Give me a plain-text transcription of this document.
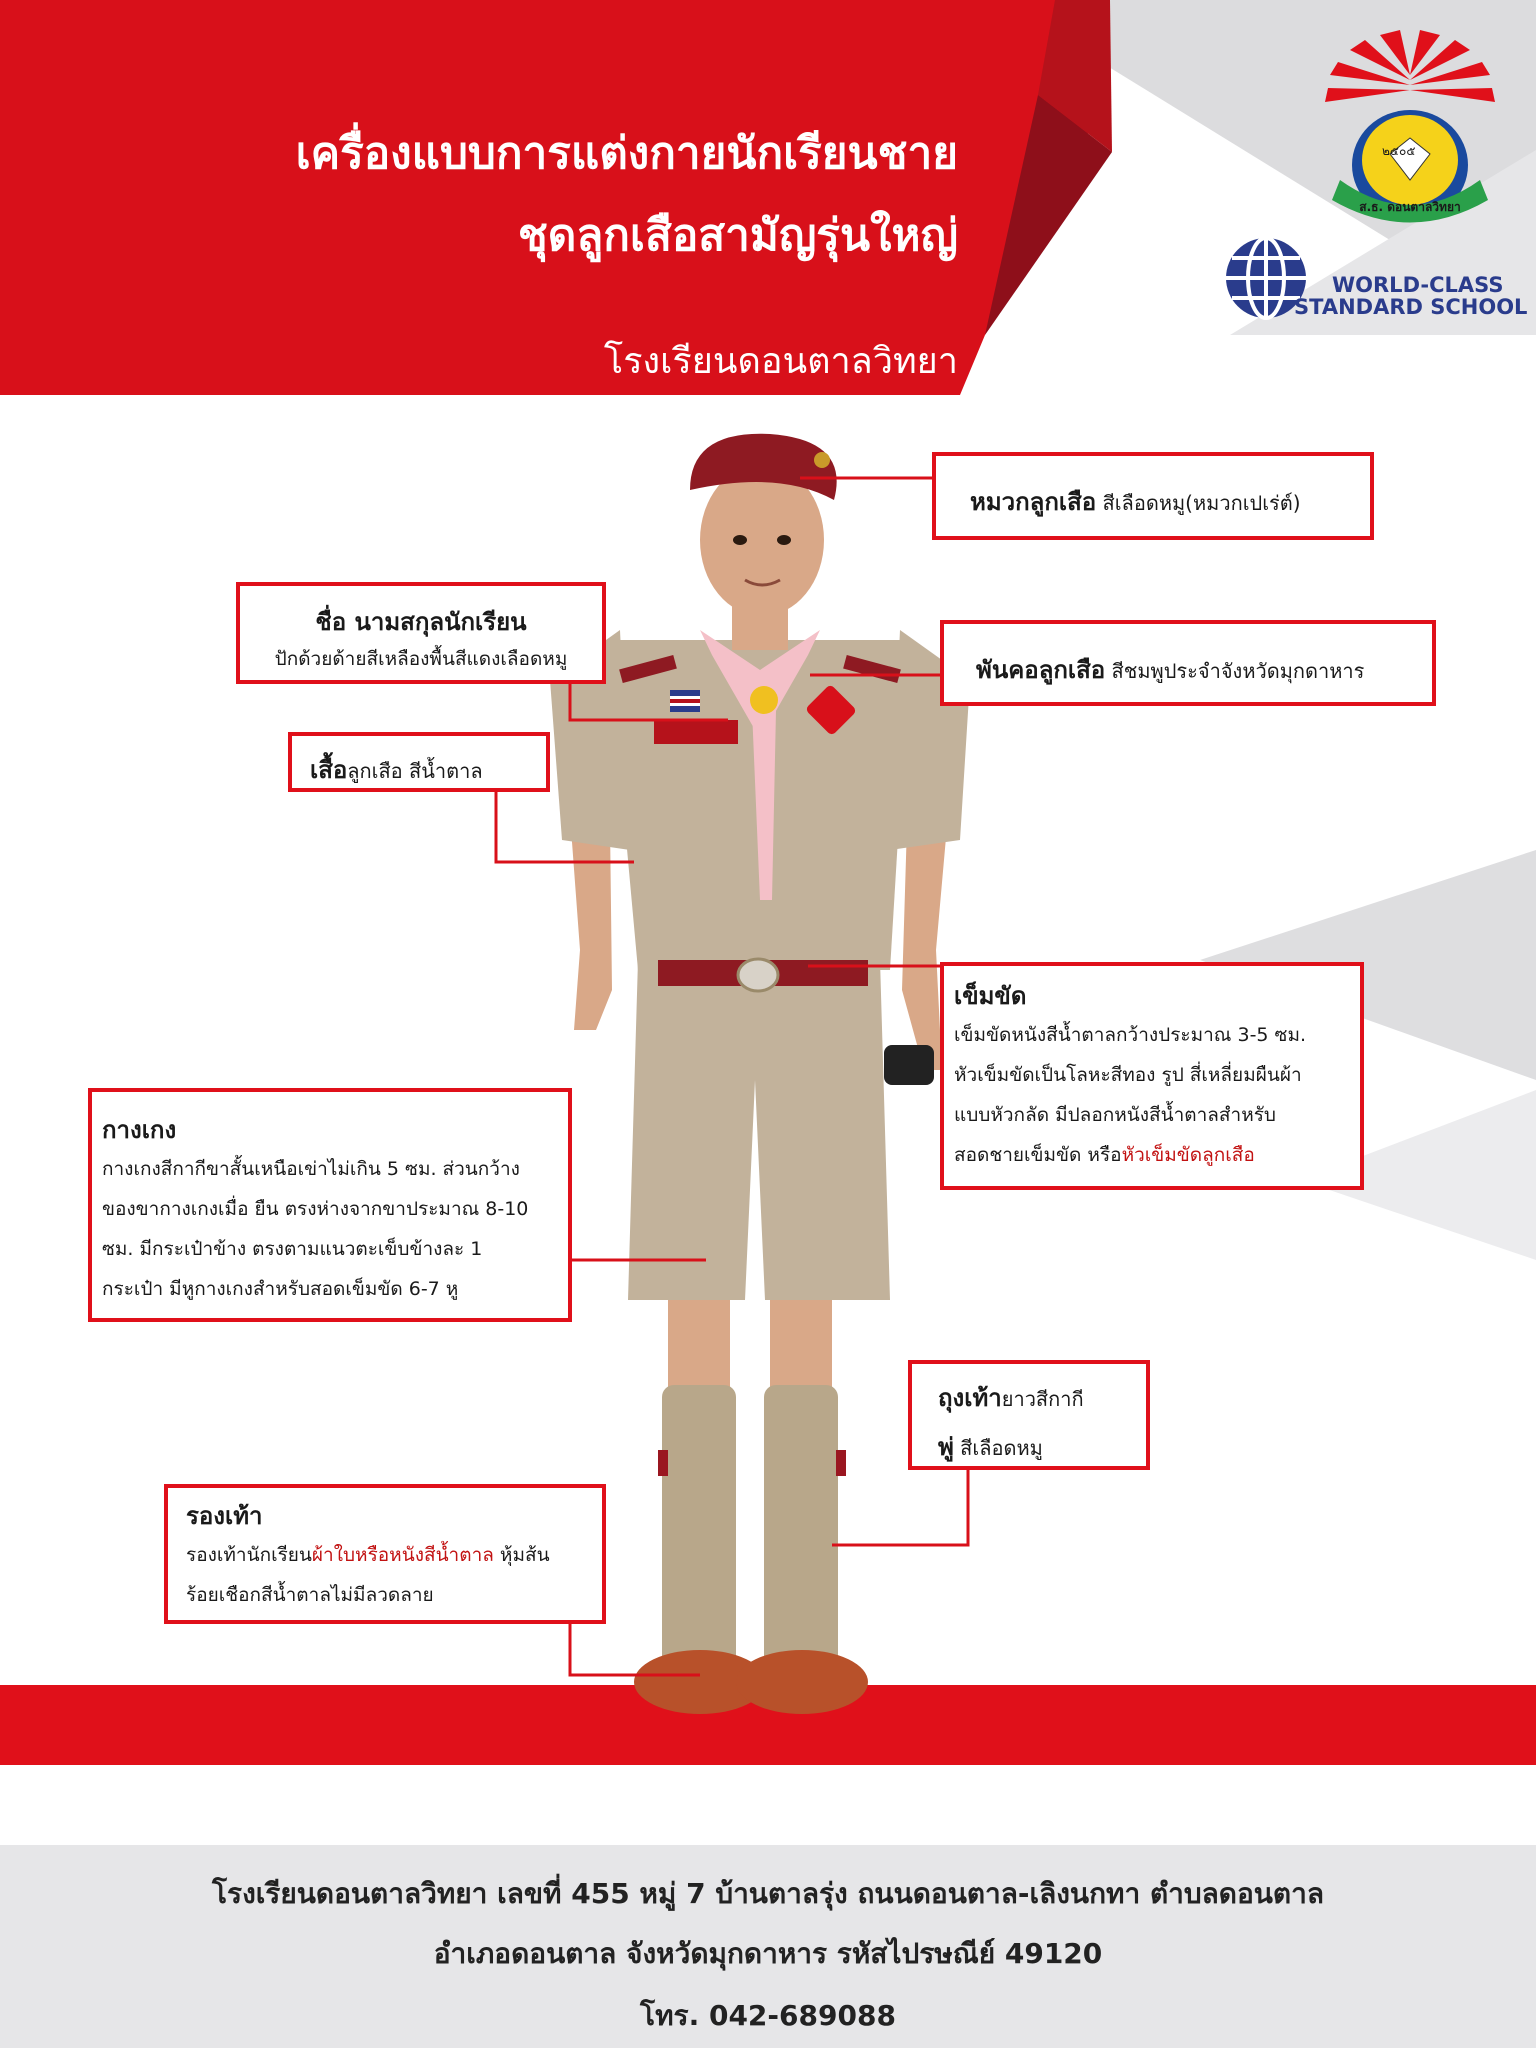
เครื่องแบบการแต่งกายนักเรียนชาย
ชุดลูกเสือสามัญรุ่นใหญ่
โรงเรียนดอนตาลวิทยา
๒๕๐๕
ส.ธ. ดอนตาลวิทยา
WORLD-CLASS
STANDARD SCHOOL
หมวกลูกเสือ สีเลือดหมู(หมวกเปเร่ต์)
ชื่อ นามสกุลนักเรียน
ปักด้วยด้ายสีเหลืองพื้นสีแดงเลือดหมู	พันคอลูกเสือ สีชมพูประจำจังหวัดมุกดาหาร
เสื้อลูกเสือ สีน้ำตาล
เข็มขัด
เข็มขัดหนังสีน้ำตาลกว้างประมาณ 3-5 ซม.
หัวเข็มขัดเป็นโลหะสีทอง รูป สี่เหลี่ยมผืนผ้า
แบบหัวกลัด มีปลอกหนังสีน้ำตาลสำหรับ
สอดชายเข็มขัด หรือหัวเข็มขัดลูกเสือ
กางเกง
กางเกงสีกากีขาสั้นเหนือเข่าไม่เกิน 5 ซม. ส่วนกว้าง
ของขากางเกงเมื่อ ยืน ตรงห่างจากขาประมาณ 8-10
ซม. มีกระเป๋าข้าง ตรงตามแนวตะเข็บข้างละ 1
กระเป๋า มีหูกางเกงสำหรับสอดเข็มขัด 6-7 หู
ถุงเท้ายาวสีกากี
พู่ สีเลือดหมู
รองเท้า
รองเท้านักเรียนผ้าใบหรือหนังสีน้ำตาล หุ้มส้น
ร้อยเชือกสีน้ำตาลไม่มีลวดลาย
โรงเรียนดอนตาลวิทยา เลขที่ 455 หมู่ 7 บ้านตาลรุ่ง ถนนดอนตาล-เลิงนกทา ตำบลดอนตาล
อำเภอดอนตาล จังหวัดมุกดาหาร รหัสไปรษณีย์ 49120
โทร. 042-689088
